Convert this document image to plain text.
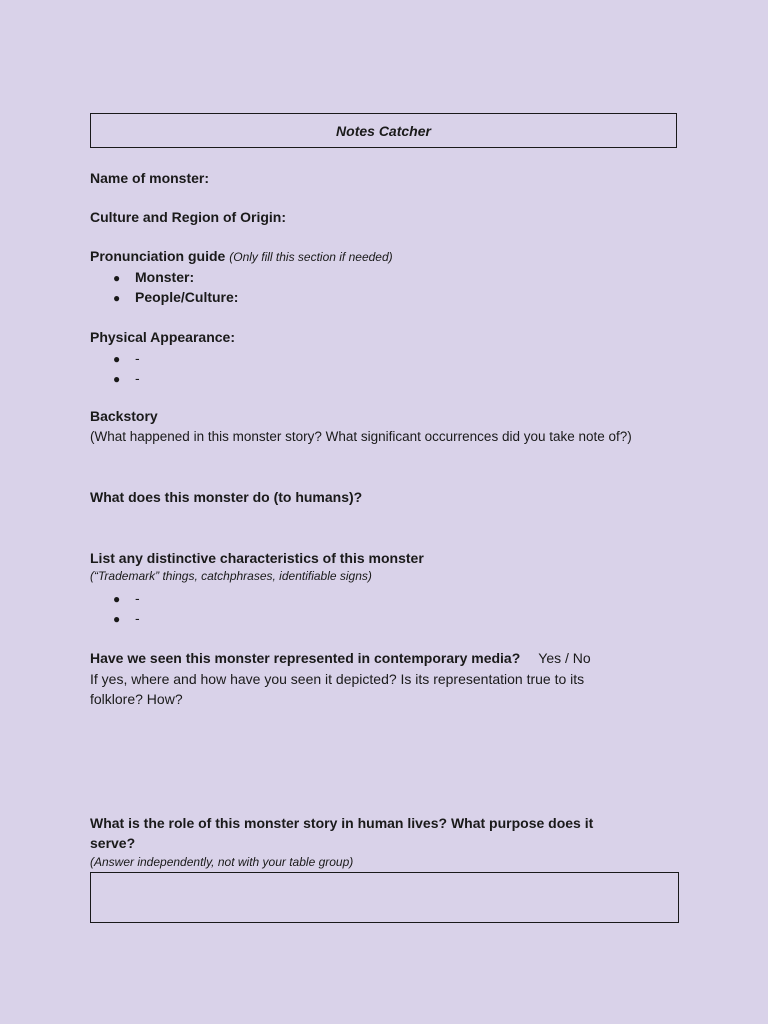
Notes Catcher
Name of monster:
Culture and Region of Origin:
Pronunciation guide (Only fill this section if needed)
● Monster:
● People/Culture:
Physical Appearance:
● -
● -
Backstory
(What happened in this monster story? What significant occurrences did you take note of?)
What does this monster do (to humans)?
List any distinctive characteristics of this monster
(“Trademark” things, catchphrases, identifiable signs)
● -
● -
Have we seen this monster represented in contemporary media? Yes / No
If yes, where and how have you seen it depicted? Is its representation true to its
folklore? How?
What is the role of this monster story in human lives? What purpose does it
serve?
(Answer independently, not with your table group)
